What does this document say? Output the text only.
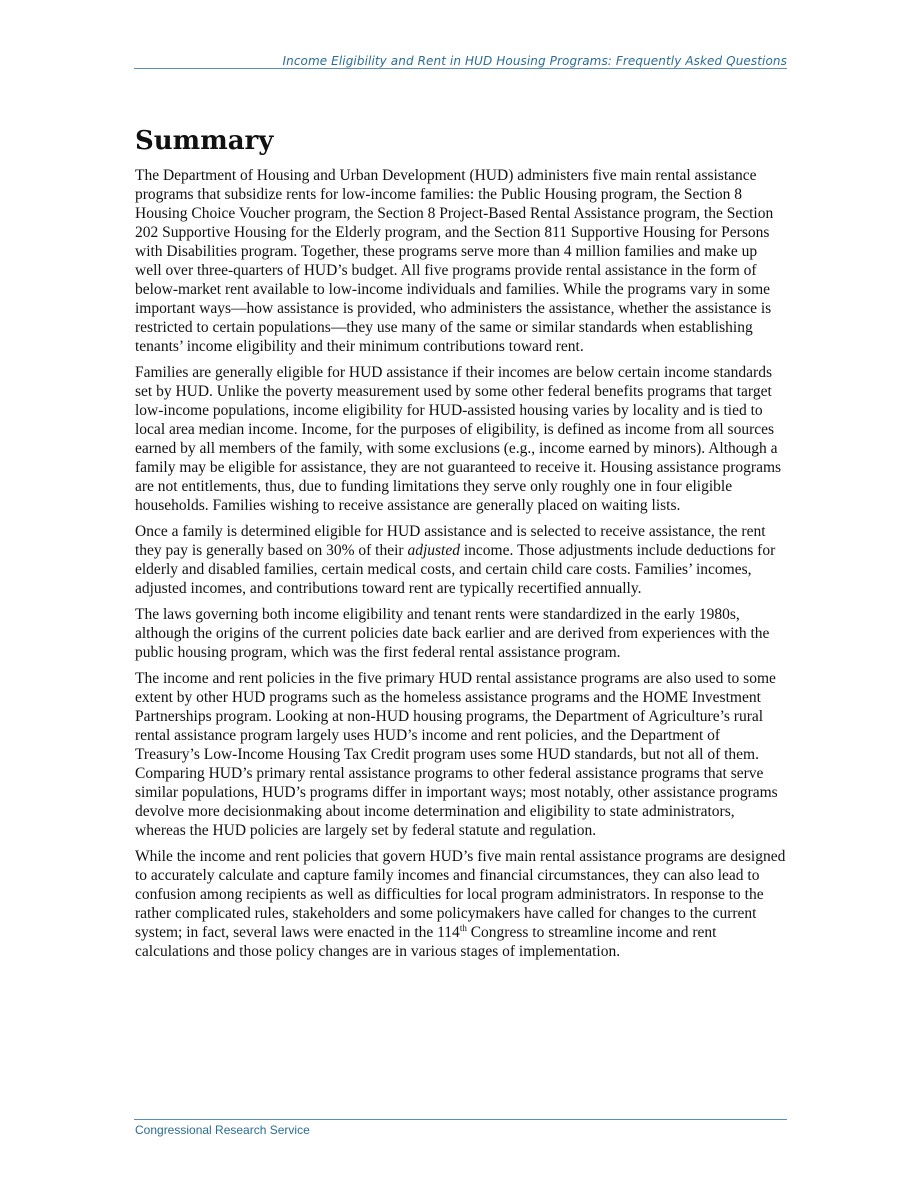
Income Eligibility and Rent in HUD Housing Programs: Frequently Asked Questions
Summary

The Department of Housing and Urban Development (HUD) administers five main rental assistance programs that subsidize rents for low-income families: the Public Housing program, the Section 8 Housing Choice Voucher program, the Section 8 Project-Based Rental Assistance program, the Section 202 Supportive Housing for the Elderly program, and the Section 811 Supportive Housing for Persons with Disabilities program. Together, these programs serve more than 4 million families and make up well over three-quarters of HUD’s budget. All five programs provide rental assistance in the form of below-market rent available to low-income individuals and families. While the programs vary in some important ways—how assistance is provided, who administers the assistance, whether the assistance is restricted to certain populations—they use many of the same or similar standards when establishing tenants’ income eligibility and their minimum contributions toward rent.

Families are generally eligible for HUD assistance if their incomes are below certain income standards set by HUD. Unlike the poverty measurement used by some other federal benefits programs that target low-income populations, income eligibility for HUD-assisted housing varies by locality and is tied to local area median income. Income, for the purposes of eligibility, is defined as income from all sources earned by all members of the family, with some exclusions (e.g., income earned by minors). Although a family may be eligible for assistance, they are not guaranteed to receive it. Housing assistance programs are not entitlements, thus, due to funding limitations they serve only roughly one in four eligible households. Families wishing to receive assistance are generally placed on waiting lists.

Once a family is determined eligible for HUD assistance and is selected to receive assistance, the rent they pay is generally based on 30% of their adjusted income. Those adjustments include deductions for elderly and disabled families, certain medical costs, and certain child care costs. Families’ incomes, adjusted incomes, and contributions toward rent are typically recertified annually.

The laws governing both income eligibility and tenant rents were standardized in the early 1980s, although the origins of the current policies date back earlier and are derived from experiences with the public housing program, which was the first federal rental assistance program.

The income and rent policies in the five primary HUD rental assistance programs are also used to some extent by other HUD programs such as the homeless assistance programs and the HOME Investment Partnerships program. Looking at non-HUD housing programs, the Department of Agriculture’s rural rental assistance program largely uses HUD’s income and rent policies, and the Department of Treasury’s Low-Income Housing Tax Credit program uses some HUD standards, but not all of them. Comparing HUD’s primary rental assistance programs to other federal assistance programs that serve similar populations, HUD’s programs differ in important ways; most notably, other assistance programs devolve more decisionmaking about income determination and eligibility to state administrators, whereas the HUD policies are largely set by federal statute and regulation.

While the income and rent policies that govern HUD’s five main rental assistance programs are designed to accurately calculate and capture family incomes and financial circumstances, they can also lead to confusion among recipients as well as difficulties for local program administrators. In response to the rather complicated rules, stakeholders and some policymakers have called for changes to the current system; in fact, several laws were enacted in the 114th Congress to streamline income and rent calculations and those policy changes are in various stages of implementation.

Congressional Research Service
